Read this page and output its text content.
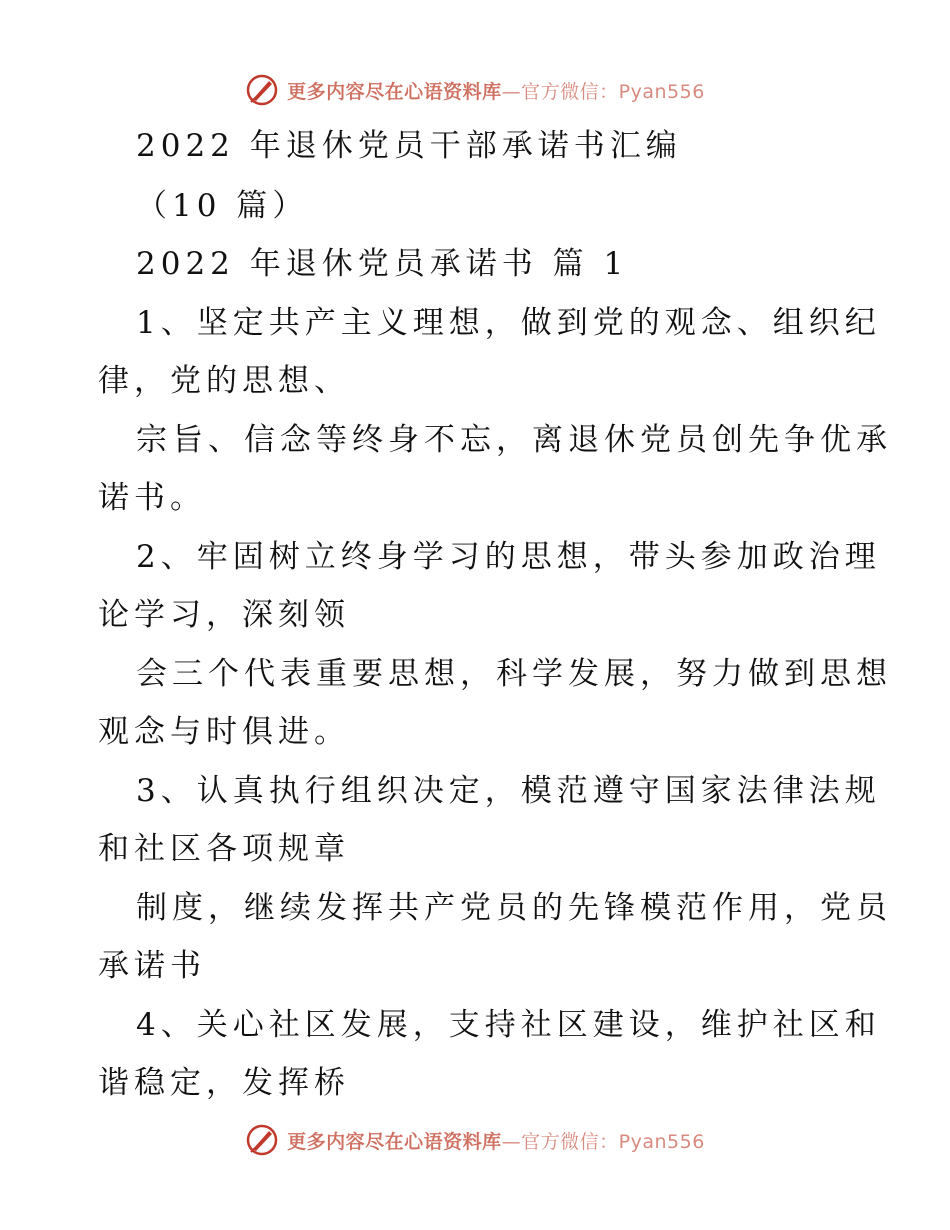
更多内容尽在心语资料库—官方微信：Pyan556
2022 年退休党员干部承诺书汇编
（10 篇）
2022 年退休党员承诺书 篇 1
1、坚定共产主义理想，做到党的观念、组织纪
律，党的思想、
宗旨、信念等终身不忘，离退休党员创先争优承
诺书。
2、牢固树立终身学习的思想，带头参加政治理
论学习，深刻领
会三个代表重要思想，科学发展，努力做到思想
观念与时俱进。
3、认真执行组织决定，模范遵守国家法律法规
和社区各项规章
制度，继续发挥共产党员的先锋模范作用，党员
承诺书
4、关心社区发展，支持社区建设，维护社区和
谐稳定，发挥桥
更多内容尽在心语资料库—官方微信：Pyan556
